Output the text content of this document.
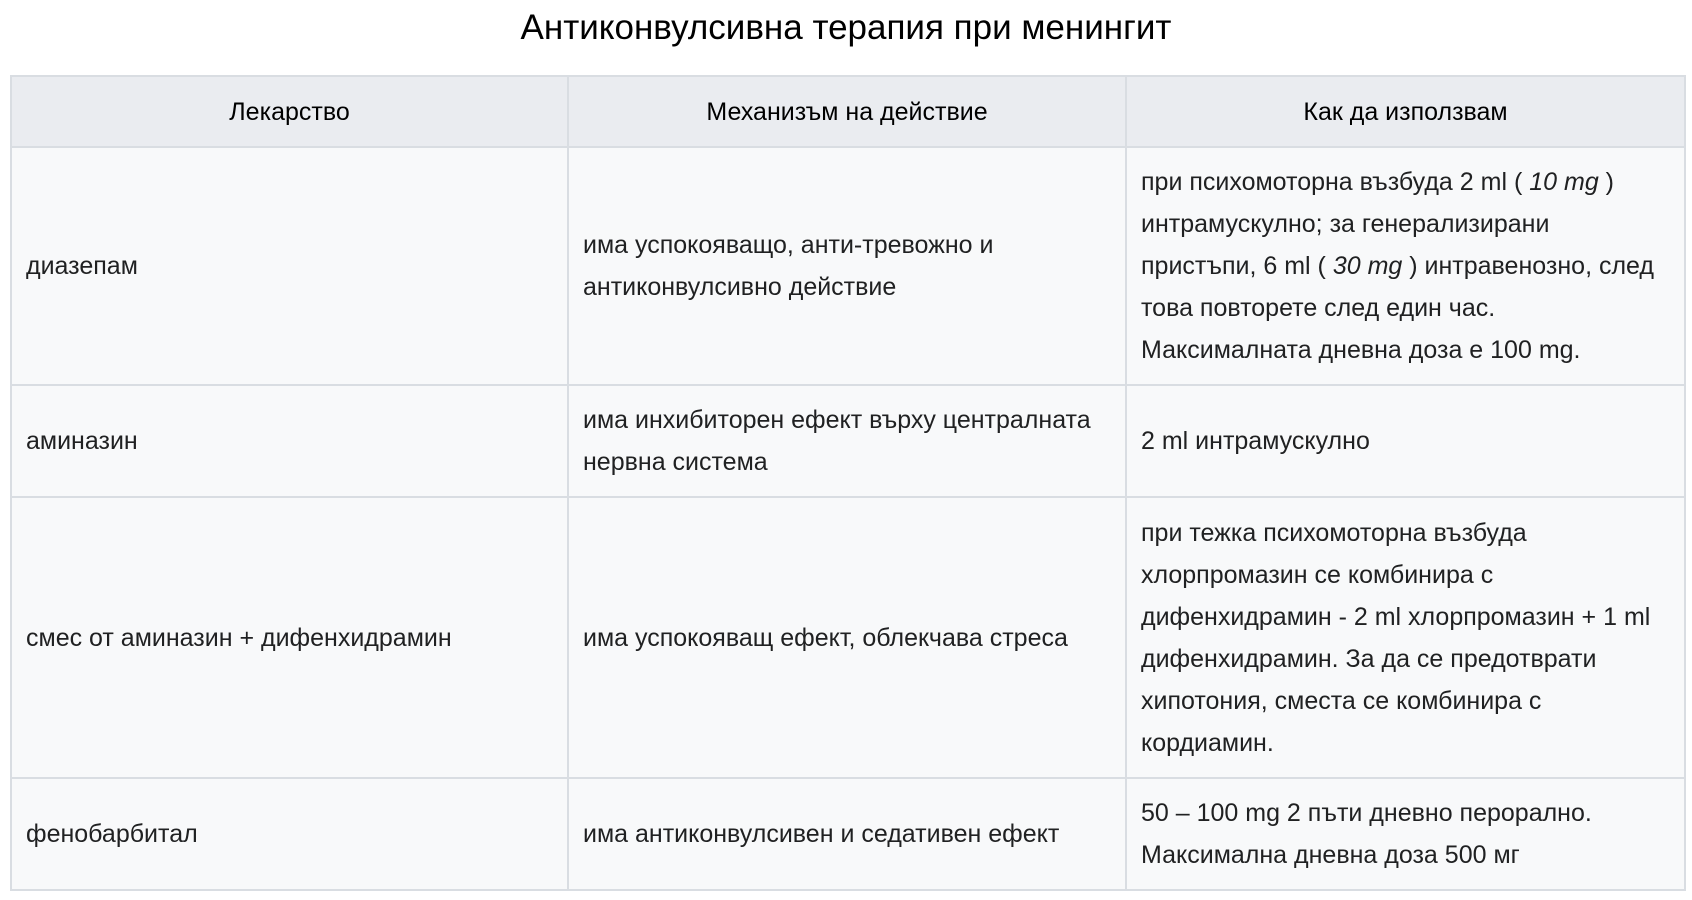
Антиконвулсивна терапия при менингит
Лекарство	Механизъм на действие	Как да използвам
диазепам	има успокояващо, анти-тревожно и антиконвулсивно действие	при психомоторна възбуда 2 ml ( 10 mg ) интрамускулно; за генерализирани пристъпи, 6 ml ( 30 mg ) интравенозно, след това повторете след един час. Максималната дневна доза е 100 mg.
аминазин	има инхибиторен ефект върху централната нервна система	2 ml интрамускулно
смес от аминазин + дифенхидрамин	има успокояващ ефект, облекчава стреса	при тежка психомоторна възбуда хлорпромазин се комбинира с дифенхидрамин - 2 ml хлорпромазин + 1 ml дифенхидрамин. За да се предотврати хипотония, сместа се комбинира с кордиамин.
фенобарбитал	има антиконвулсивен и седативен ефект	50 – 100 mg 2 пъти дневно перорално. Максимална дневна доза 500 мг
